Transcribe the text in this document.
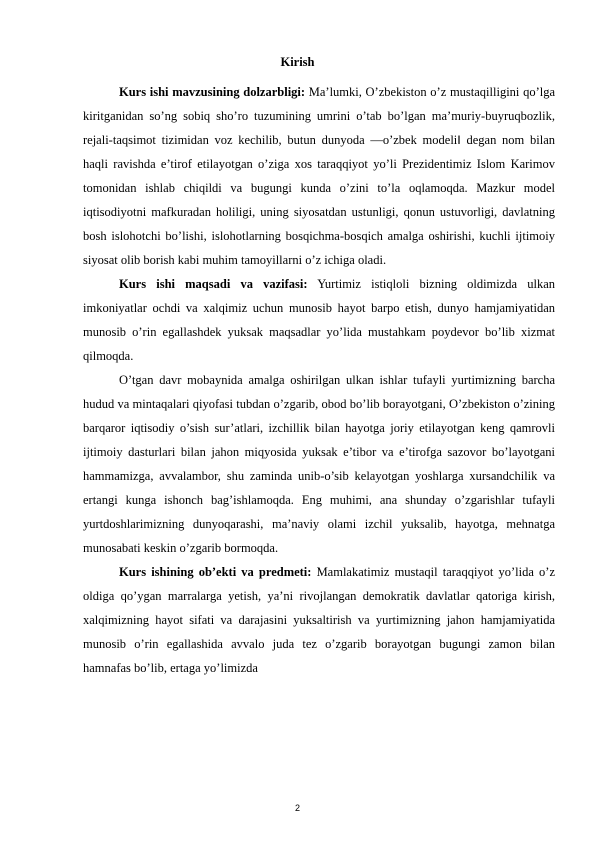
Kirish

Kurs ishi mavzusining dolzarbligi: Ma’lumki, O’zbekiston o’z mustaqilligini qo’lga kiritganidan so’ng sobiq sho’ro tuzumining umrini o’tab bo’lgan ma’muriy-buyruqbozlik, rejali-taqsimot tizimidan voz kechilib, butun dunyoda ―o’zbek modeli‖ degan nom bilan haqli ravishda e’tirof etilayotgan o’ziga xos taraqqiyot yo’li Prezidentimiz Islom Karimov tomonidan ishlab chiqildi va bugungi kunda o’zini to’la oqlamoqda. Mazkur model iqtisodiyotni mafkuradan holiligi, uning siyosatdan ustunligi, qonun ustuvorligi, davlatning bosh islohotchi bo’lishi, islohotlarning bosqichma-bosqich amalga oshirishi, kuchli ijtimoiy siyosat olib borish kabi muhim tamoyillarni o’z ichiga oladi.

Kurs ishi maqsadi va vazifasi: Yurtimiz istiqloli bizning oldimizda ulkan imkoniyatlar ochdi va xalqimiz uchun munosib hayot barpo etish, dunyo hamjamiyatidan munosib o’rin egallashdek yuksak maqsadlar yo’lida mustahkam poydevor bo’lib xizmat qilmoqda.

O’tgan davr mobaynida amalga oshirilgan ulkan ishlar tufayli yurtimizning barcha hudud va mintaqalari qiyofasi tubdan o’zgarib, obod bo’lib borayotgani, O’zbekiston o’zining barqaror iqtisodiy o’sish sur’atlari, izchillik bilan hayotga joriy etilayotgan keng qamrovli ijtimoiy dasturlari bilan jahon miqyosida yuksak e’tibor va e’tirofga sazovor bo’layotgani hammamizga, avvalambor, shu zaminda unib-o’sib kelayotgan yoshlarga xursandchilik va ertangi kunga ishonch bag’ishlamoqda. Eng muhimi, ana shunday o’zgarishlar tufayli yurtdoshlarimizning dunyoqarashi, ma’naviy olami izchil yuksalib, hayotga, mehnatga munosabati keskin o’zgarib bormoqda.

Kurs ishining ob’ekti va predmeti: Mamlakatimiz mustaqil taraqqiyot yo’lida o’z oldiga qo’ygan marralarga yetish, ya’ni rivojlangan demokratik davlatlar qatoriga kirish, xalqimizning hayot sifati va darajasini yuksaltirish va yurtimizning jahon hamjamiyatida munosib o’rin egallashida avvalo juda tez o’zgarib borayotgan bugungi zamon bilan hamnafas bo’lib, ertaga yo’limizda

2
